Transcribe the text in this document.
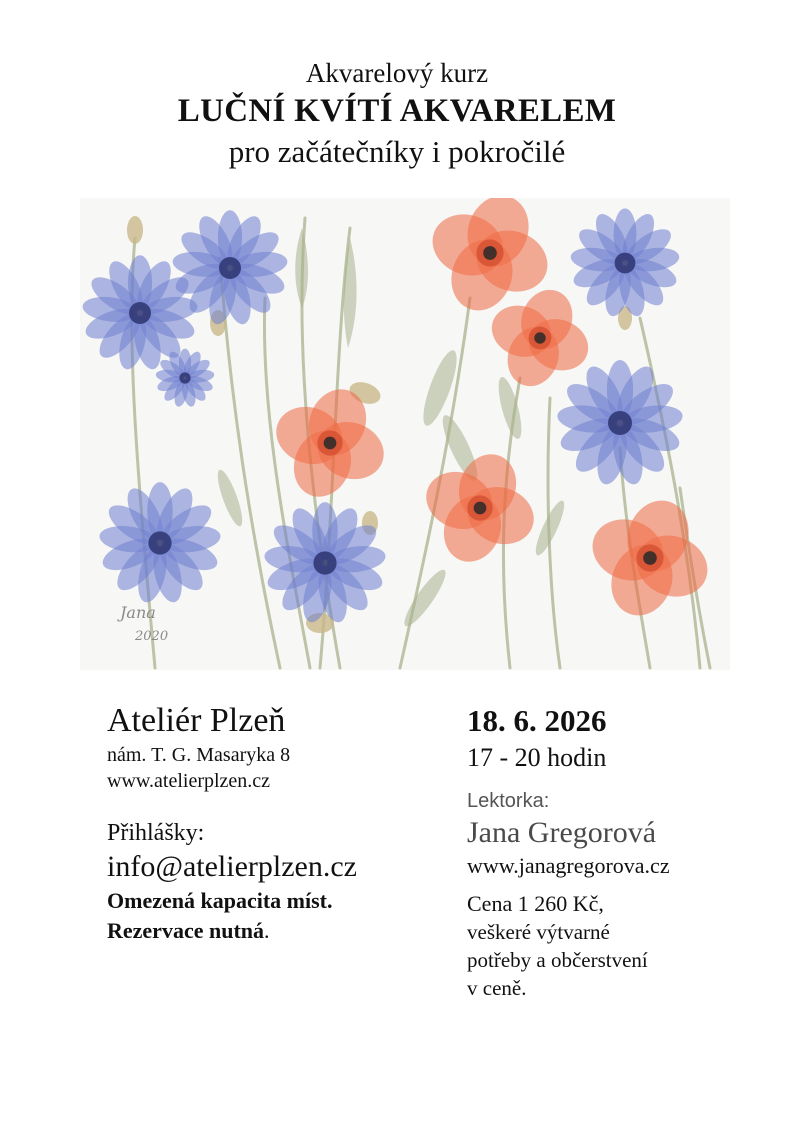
Akvarelový kurz
LUČNÍ KVÍTÍ AKVARELEM
pro začátečníky i pokročilé
Jana
2020
Ateliér Plzeň
nám. T. G. Masaryka 8
www.atelierplzen.cz
Přihlášky:
info@atelierplzen.cz
Omezená kapacita míst.
Rezervace nutná.
18. 6. 2026
17 - 20 hodin
Lektorka:
Jana Gregorová
www.janagregorova.cz
Cena 1 260 Kč,
veškeré výtvarné
potřeby a občerstvení
v ceně.
